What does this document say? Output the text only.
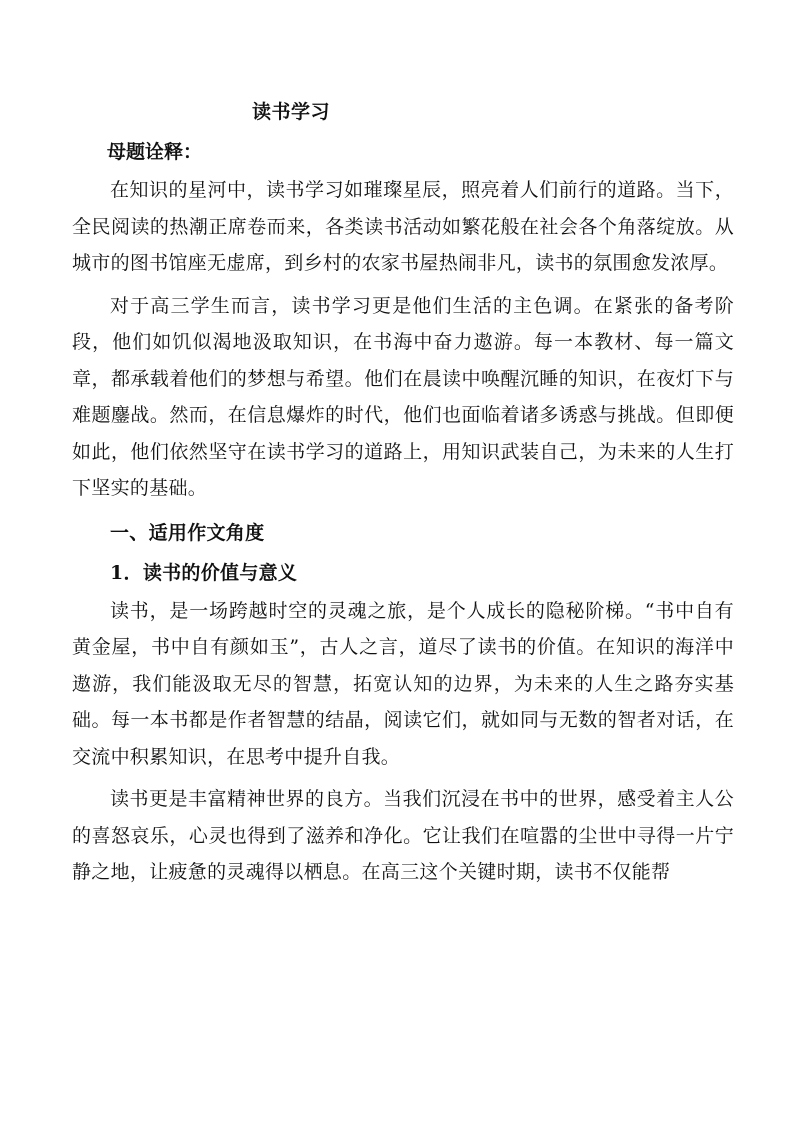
读书学习
母题诠释：

在知识的星河中，读书学习如璀璨星辰，照亮着人们前行的道路。当下，全民阅读的热潮正席卷而来，各类读书活动如繁花般在社会各个角落绽放。从城市的图书馆座无虚席，到乡村的农家书屋热闹非凡，读书的氛围愈发浓厚。

对于高三学生而言，读书学习更是他们生活的主色调。在紧张的备考阶段，他们如饥似渴地汲取知识，在书海中奋力遨游。每一本教材、每一篇文章，都承载着他们的梦想与希望。他们在晨读中唤醒沉睡的知识，在夜灯下与难题鏖战。然而，在信息爆炸的时代，他们也面临着诸多诱惑与挑战。但即便如此，他们依然坚守在读书学习的道路上，用知识武装自己，为未来的人生打下坚实的基础。

一、适用作文角度
1．读书的价值与意义

读书，是一场跨越时空的灵魂之旅，是个人成长的隐秘阶梯。“书中自有黄金屋，书中自有颜如玉”，古人之言，道尽了读书的价值。在知识的海洋中遨游，我们能汲取无尽的智慧，拓宽认知的边界，为未来的人生之路夯实基础。每一本书都是作者智慧的结晶，阅读它们，就如同与无数的智者对话，在交流中积累知识，在思考中提升自我。

读书更是丰富精神世界的良方。当我们沉浸在书中的世界，感受着主人公的喜怒哀乐，心灵也得到了滋养和净化。它让我们在喧嚣的尘世中寻得一片宁静之地，让疲惫的灵魂得以栖息。在高三这个关键时期，读书不仅能帮
